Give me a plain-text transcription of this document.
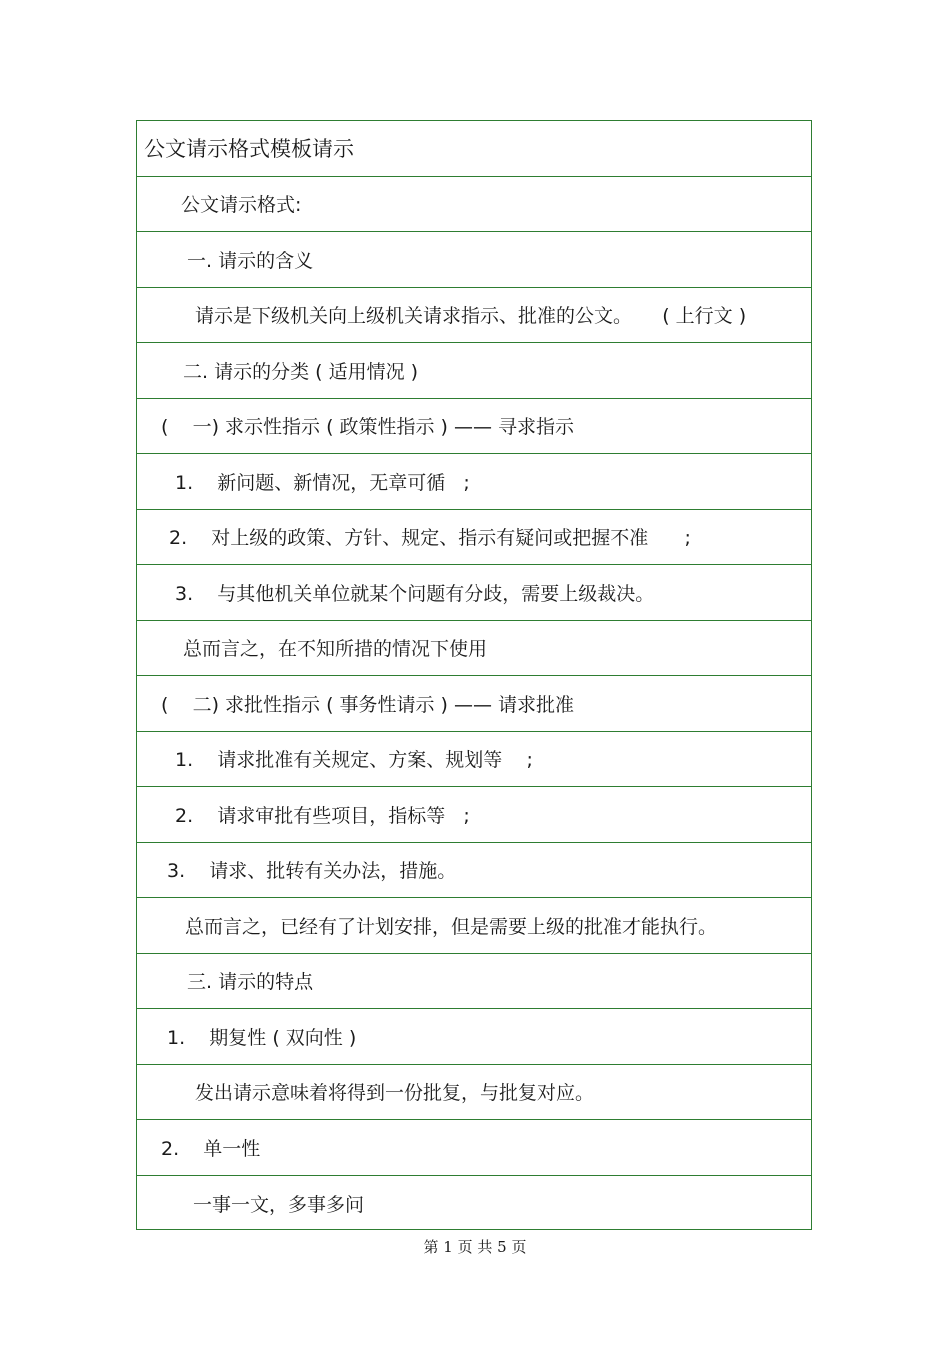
公文请示格式模板请示
公文请示格式:
一. 请示的含义
请示是下级机关向上级机关请求指示、批准的公文。     ( 上行文 )
二. 请示的分类 ( 适用情况 )
(    一) 求示性指示 ( 政策性指示 ) —— 寻求指示
1.    新问题、新情况，无章可循   ;
2.    对上级的政策、方针、规定、指示有疑问或把握不准      ;
3.    与其他机关单位就某个问题有分歧，需要上级裁决。
总而言之，在不知所措的情况下使用
(    二) 求批性指示 ( 事务性请示 ) —— 请求批准
1.    请求批准有关规定、方案、规划等    ;
2.    请求审批有些项目，指标等   ;
3.    请求、批转有关办法，措施。
总而言之，已经有了计划安排，但是需要上级的批准才能执行。
三. 请示的特点
1.    期复性 ( 双向性 )
发出请示意味着将得到一份批复，与批复对应。
2.    单一性
一事一文，多事多问
第 1 页 共 5 页
